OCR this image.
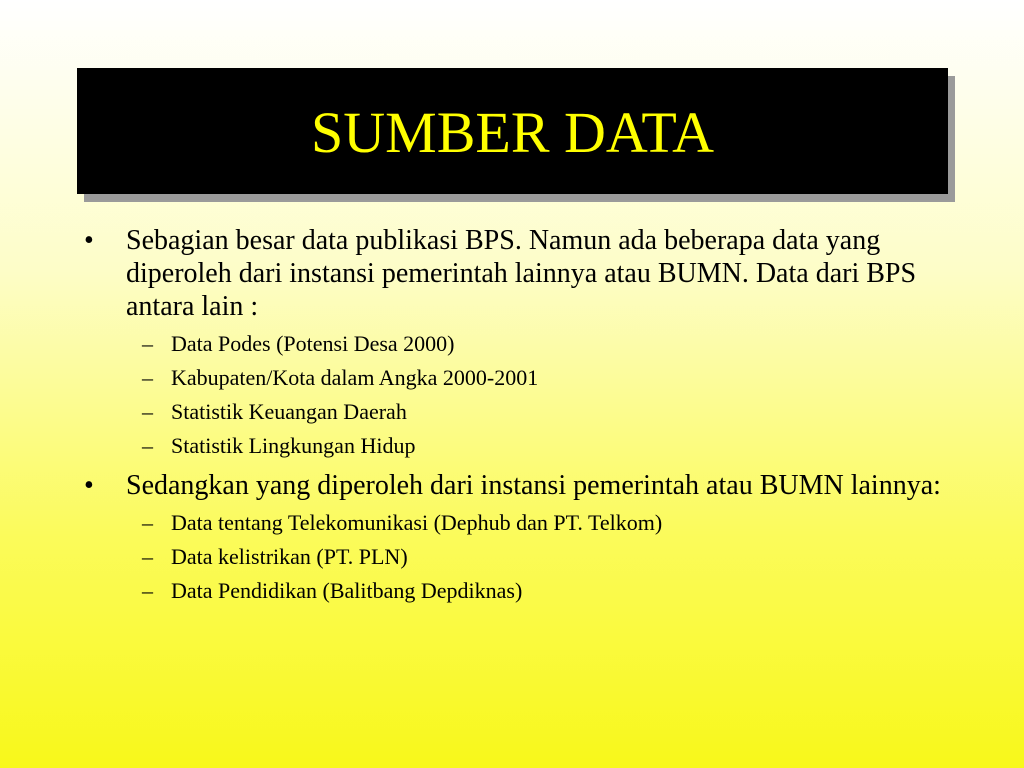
SUMBER DATA
• Sebagian besar data publikasi BPS. Namun ada beberapa data yang diperoleh dari instansi pemerintah lainnya atau BUMN. Data dari BPS antara lain :
– Data Podes (Potensi Desa 2000)
– Kabupaten/Kota dalam Angka 2000-2001
– Statistik Keuangan Daerah
– Statistik Lingkungan Hidup
• Sedangkan yang diperoleh dari instansi pemerintah atau BUMN lainnya:
– Data tentang Telekomunikasi (Dephub dan PT. Telkom)
– Data kelistrikan (PT. PLN)
– Data Pendidikan (Balitbang Depdiknas)
